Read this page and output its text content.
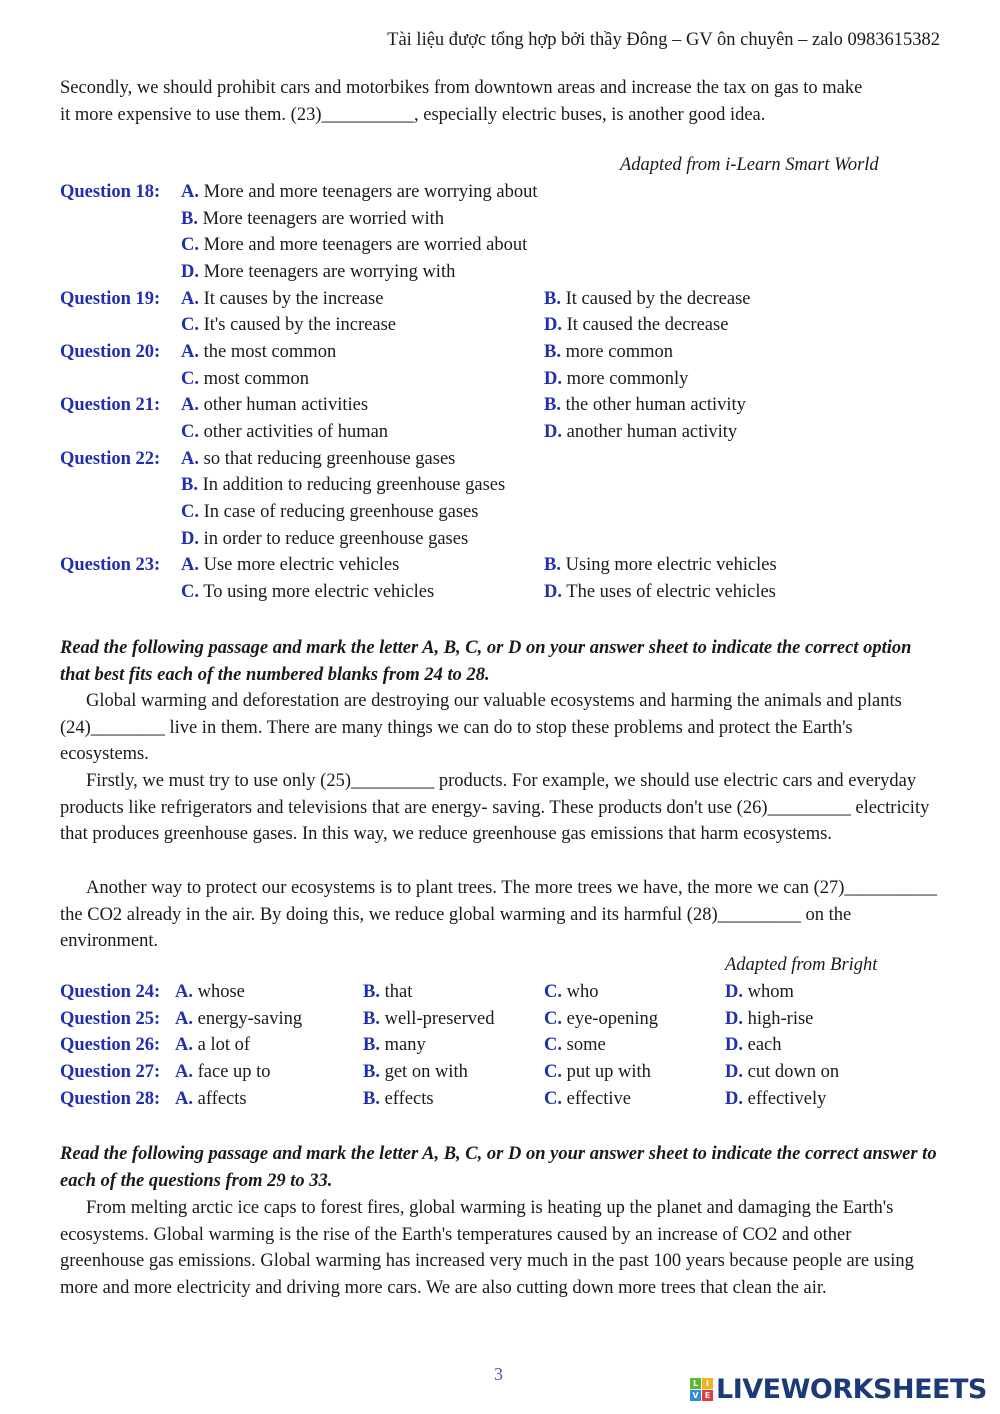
Tài liệu được tổng hợp bởi thầy Đông – GV ôn chuyên – zalo 0983615382
Secondly, we should prohibit cars and motorbikes from downtown areas and increase the tax on gas to make
it more expensive to use them. (23)__________, especially electric buses, is another good idea.
Adapted from i-Learn Smart World
Question 18: A. More and more teenagers are worrying about
B. More teenagers are worried with
C. More and more teenagers are worried about
D. More teenagers are worrying with
Question 19: A. It causes by the increase	B. It caused by the decrease
C. It's caused by the increase	D. It caused the decrease
Question 20: A. the most common	B. more common
C. most common	D. more commonly
Question 21: A. other human activities	B. the other human activity
C. other activities of human	D. another human activity
Question 22: A. so that reducing greenhouse gases
B. In addition to reducing greenhouse gases
C. In case of reducing greenhouse gases
D. in order to reduce greenhouse gases
Question 23: A. Use more electric vehicles	B. Using more electric vehicles
C. To using more electric vehicles	D. The uses of electric vehicles
Read the following passage and mark the letter A, B, C, or D on your answer sheet to indicate the correct option that best fits each of the numbered blanks from 24 to 28.
Global warming and deforestation are destroying our valuable ecosystems and harming the animals and plants (24)________ live in them. There are many things we can do to stop these problems and protect the Earth's ecosystems.
Firstly, we must try to use only (25)_________ products. For example, we should use electric cars and everyday products like refrigerators and televisions that are energy- saving. These products don't use (26)_________ electricity that produces greenhouse gases. In this way, we reduce greenhouse gas emissions that harm ecosystems.
Another way to protect our ecosystems is to plant trees. The more trees we have, the more we can (27)__________ the CO2 already in the air. By doing this, we reduce global warming and its harmful (28)_________ on the environment.
Adapted from Bright
Question 24: A. whose	B. that	C. who	D. whom
Question 25: A. energy-saving	B. well-preserved	C. eye-opening	D. high-rise
Question 26: A. a lot of	B. many	C. some	D. each
Question 27: A. face up to	B. get on with	C. put up with	D. cut down on
Question 28: A. affects	B. effects	C. effective	D. effectively
Read the following passage and mark the letter A, B, C, or D on your answer sheet to indicate the correct answer to each of the questions from 29 to 33.
From melting arctic ice caps to forest fires, global warming is heating up the planet and damaging the Earth's ecosystems. Global warming is the rise of the Earth's temperatures caused by an increase of CO2 and other greenhouse gas emissions. Global warming has increased very much in the past 100 years because people are using more and more electricity and driving more cars. We are also cutting down more trees that clean the air.
3	L I
V E LIVEWORKSHEETS
